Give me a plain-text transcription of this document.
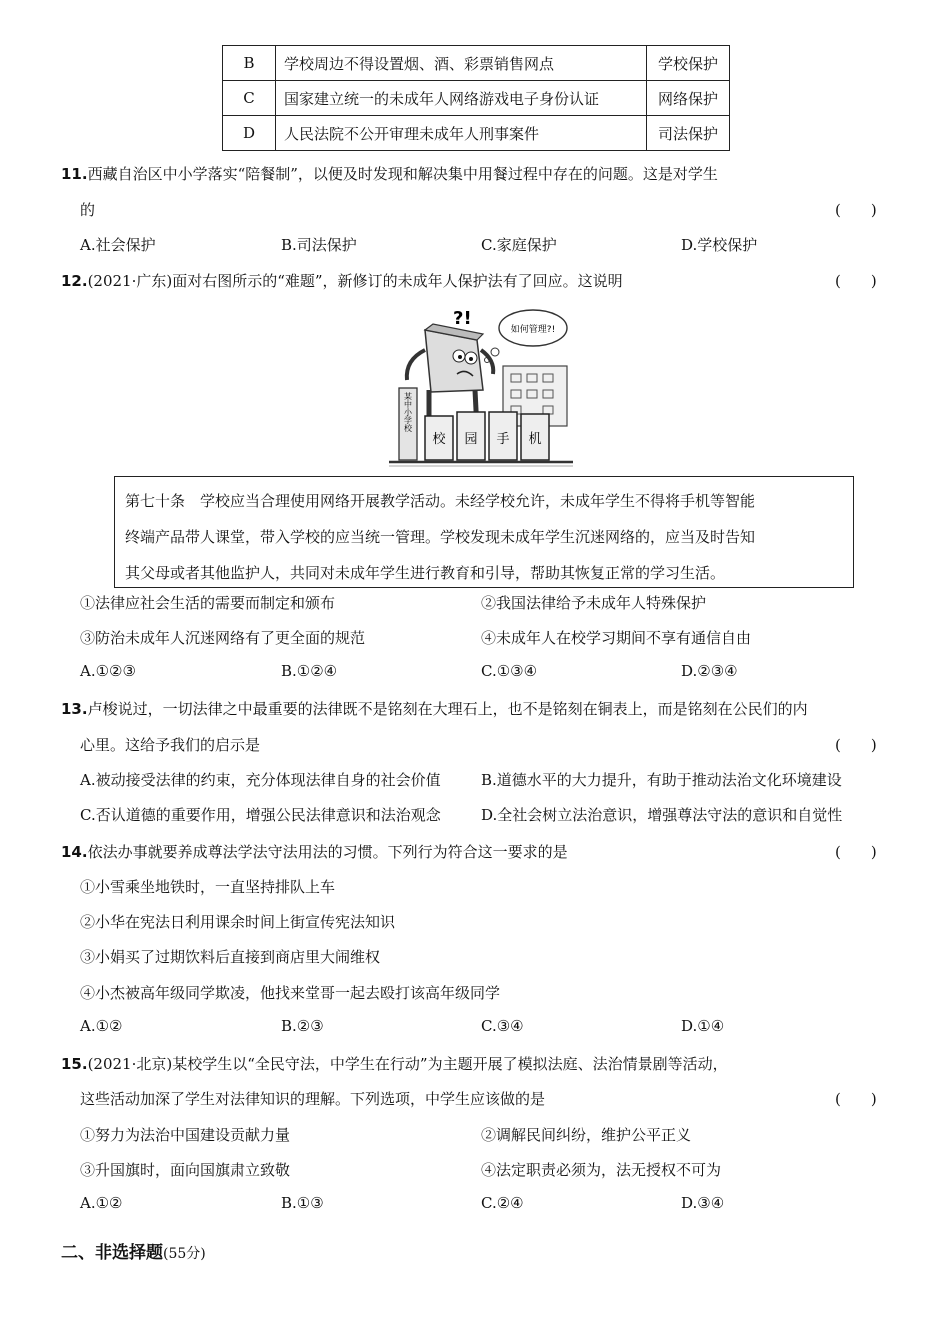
B	学校周边不得设置烟、酒、彩票销售网点	学校保护
C	国家建立统一的未成年人网络游戏电子身份认证	网络保护
D	人民法院不公开审理未成年人刑事案件	司法保护
11.西藏自治区中小学落实“陪餐制”，以便及时发现和解决集中用餐过程中存在的问题。这是对学生
的	(　　)
A.社会保护	B.司法保护	C.家庭保护	D.学校保护
12.(2021·广东)面对右图所示的“难题”，新修订的未成年人保护法有了回应。这说明	(　　)
如何管理?!
?!
某中小学校
校 园 手 机
第七十条　学校应当合理使用网络开展教学活动。未经学校允许，未成年学生不得将手机等智能
终端产品带人课堂，带入学校的应当统一管理。学校发现未成年学生沉迷网络的，应当及时告知
其父母或者其他监护人，共同对未成年学生进行教育和引导，帮助其恢复正常的学习生活。
①法律应社会生活的需要而制定和颁布	②我国法律给予未成年人特殊保护
③防治未成年人沉迷网络有了更全面的规范	④未成年人在校学习期间不享有通信自由
A.①②③	B.①②④	C.①③④	D.②③④
13.卢梭说过，一切法律之中最重要的法律既不是铭刻在大理石上，也不是铭刻在铜表上，而是铭刻在公民们的内
心里。这给予我们的启示是	(　　)
A.被动接受法律的约束，充分体现法律自身的社会价值	B.道德水平的大力提升，有助于推动法治文化环境建设
C.否认道德的重要作用，增强公民法律意识和法治观念	D.全社会树立法治意识，增强尊法守法的意识和自觉性
14.依法办事就要养成尊法学法守法用法的习惯。下列行为符合这一要求的是	(　　)
①小雪乘坐地铁时，一直坚持排队上车
②小华在宪法日利用课余时间上街宣传宪法知识
③小娟买了过期饮料后直接到商店里大闹维权
④小杰被高年级同学欺凌，他找来堂哥一起去殴打该高年级同学
A.①②	B.②③	C.③④	D.①④
15.(2021·北京)某校学生以“全民守法，中学生在行动”为主题开展了模拟法庭、法治情景剧等活动，
这些活动加深了学生对法律知识的理解。下列选项，中学生应该做的是	(　　)
①努力为法治中国建设贡献力量	②调解民间纠纷，维护公平正义
③升国旗时，面向国旗肃立致敬	④法定职责必须为，法无授权不可为
A.①②	B.①③	C.②④	D.③④
二、非选择题(55分)
